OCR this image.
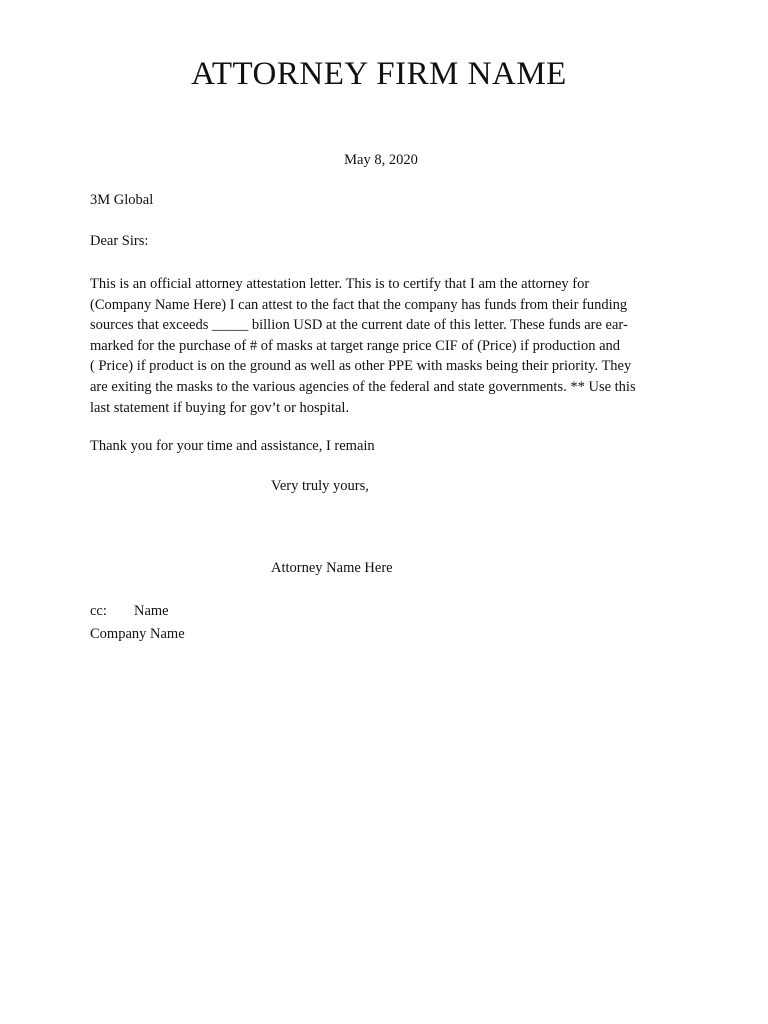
ATTORNEY FIRM NAME
May 8, 2020
3M Global
Dear Sirs:
This is an official attorney attestation letter. This is to certify that I am the attorney for
(Company Name Here) I can attest to the fact that the company has funds from their funding
sources that exceeds _____ billion USD at the current date of this letter. These funds are ear-
marked for the purchase of # of masks at target range price CIF of (Price) if production and
( Price) if product is on the ground as well as other PPE with masks being their priority. They
are exiting the masks to the various agencies of the federal and state governments. ** Use this
last statement if buying for gov’t or hospital.
Thank you for your time and assistance, I remain
Very truly yours,
Attorney Name Here
cc: Name
Company Name
